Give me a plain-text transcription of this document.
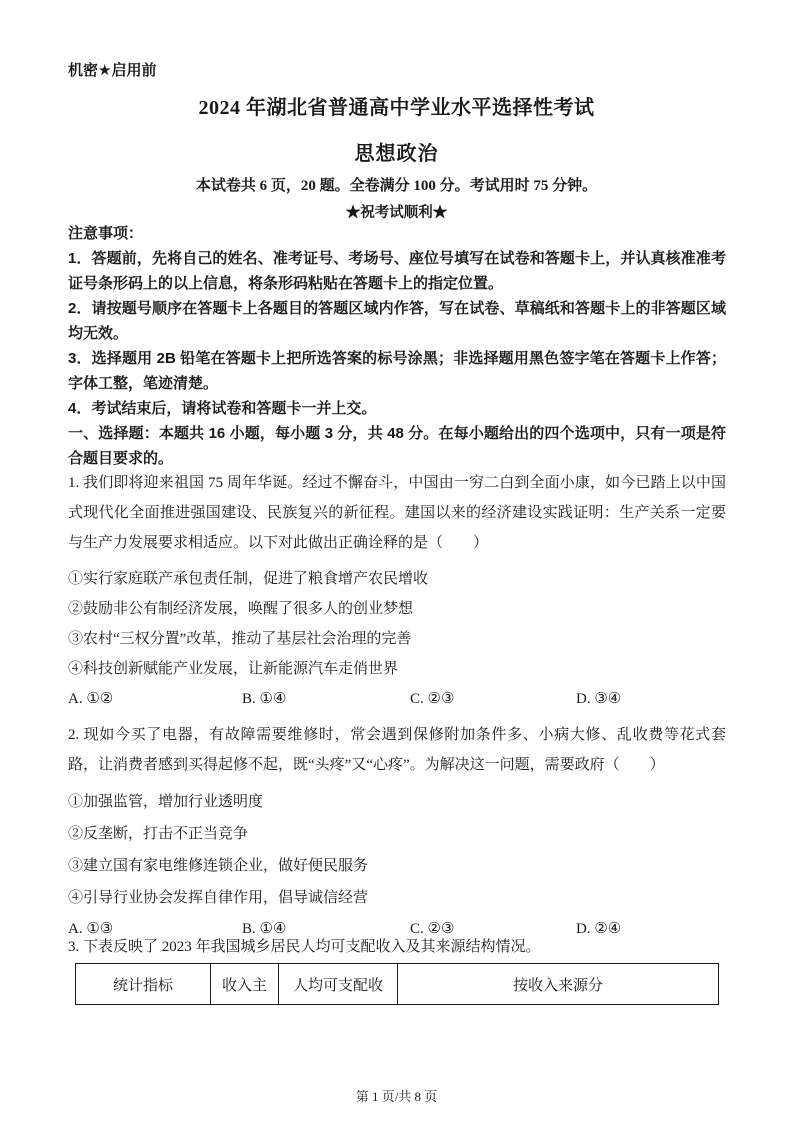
机密★启用前
2024 年湖北省普通高中学业水平选择性考试
思想政治
本试卷共 6 页，20 题。全卷满分 100 分。考试用时 75 分钟。
★祝考试顺利★

注意事项：

1．答题前，先将自己的姓名、准考证号、考场号、座位号填写在试卷和答题卡上，并认真核准准考证号条形码上的以上信息，将条形码粘贴在答题卡上的指定位置。

2．请按题号顺序在答题卡上各题目的答题区域内作答，写在试卷、草稿纸和答题卡上的非答题区域均无效。

3．选择题用 2B 铅笔在答题卡上把所选答案的标号涂黑；非选择题用黑色签字笔在答题卡上作答；字体工整，笔迹清楚。

4．考试结束后，请将试卷和答题卡一并上交。

一、选择题：本题共 16 小题，每小题 3 分，共 48 分。在每小题给出的四个选项中，只有一项是符合题目要求的。

1. 我们即将迎来祖国 75 周年华诞。经过不懈奋斗，中国由一穷二白到全面小康，如今已踏上以中国式现代化全面推进强国建设、民族复兴的新征程。建国以来的经济建设实践证明：生产关系一定要与生产力发展要求相适应。以下对此做出正确诠释的是（　　）

①实行家庭联产承包责任制，促进了粮食增产农民增收

②鼓励非公有制经济发展，唤醒了很多人的创业梦想

③农村“三权分置”改革，推动了基层社会治理的完善

④科技创新赋能产业发展，让新能源汽车走俏世界

A. ①②	B. ①④	C. ②③	D. ③④

2. 现如今买了电器，有故障需要维修时，常会遇到保修附加条件多、小病大修、乱收费等花式套路，让消费者感到买得起修不起，既“头疼”又“心疼”。为解决这一问题，需要政府（　　）

①加强监管，增加行业透明度

②反垄断，打击不正当竞争

③建立国有家电维修连锁企业，做好便民服务

④引导行业协会发挥自律作用，倡导诚信经营

A. ①③	B. ①④	C. ②③	D. ②④

3. 下表反映了 2023 年我国城乡居民人均可支配收入及其来源结构情况。

统计指标	收入主	人均可支配收	按收入来源分
第 1 页/共 8 页
